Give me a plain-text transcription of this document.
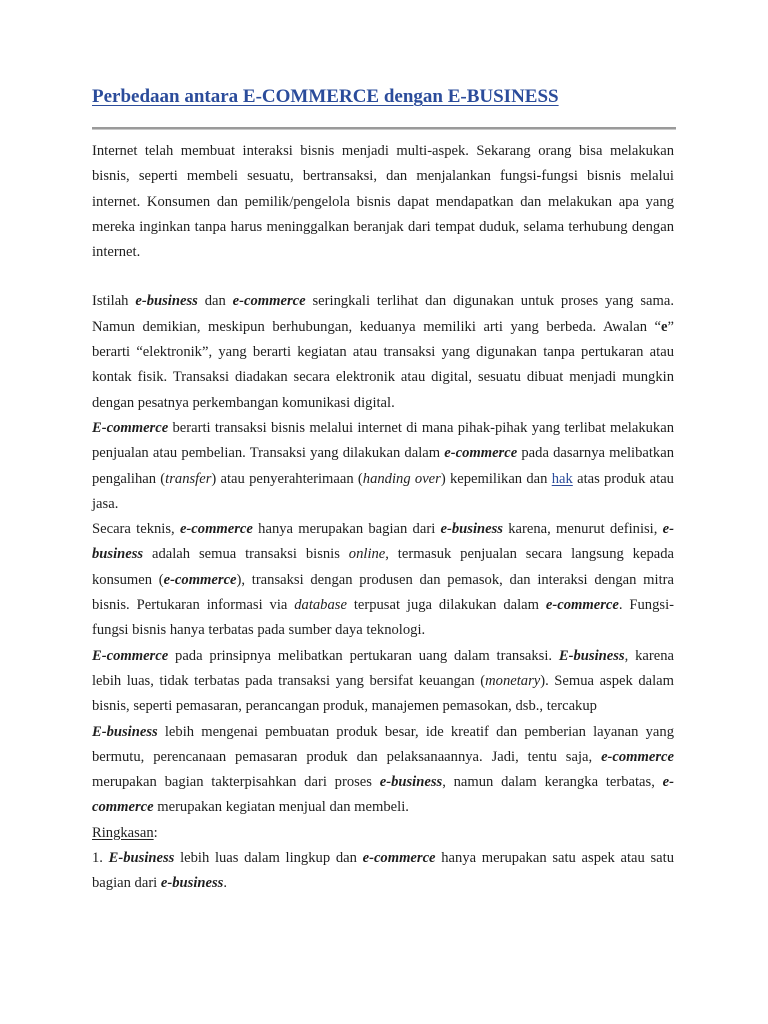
Perbedaan antara E-COMMERCE dengan E-BUSINESS

Internet telah membuat interaksi bisnis menjadi multi-aspek. Sekarang orang bisa melakukan bisnis, seperti membeli sesuatu, bertransaksi, dan menjalankan fungsi-fungsi bisnis melalui internet. Konsumen dan pemilik/pengelola bisnis dapat mendapatkan dan melakukan apa yang mereka inginkan tanpa harus meninggalkan beranjak dari tempat duduk, selama terhubung dengan internet.

Istilah e-business dan e-commerce seringkali terlihat dan digunakan untuk proses yang sama. Namun demikian, meskipun berhubungan, keduanya memiliki arti yang berbeda. Awalan “e” berarti “elektronik”, yang berarti kegiatan atau transaksi yang digunakan tanpa pertukaran atau kontak fisik. Transaksi diadakan secara elektronik atau digital, sesuatu dibuat menjadi mungkin dengan pesatnya perkembangan komunikasi digital.

E-commerce berarti transaksi bisnis melalui internet di mana pihak-pihak yang terlibat melakukan penjualan atau pembelian. Transaksi yang dilakukan dalam e-commerce pada dasarnya melibatkan pengalihan (transfer) atau penyerahterimaan (handing over) kepemilikan dan hak atas produk atau jasa.

Secara teknis, e-commerce hanya merupakan bagian dari e-business karena, menurut definisi, e-business adalah semua transaksi bisnis online, termasuk penjualan secara langsung kepada konsumen (e-commerce), transaksi dengan produsen dan pemasok, dan interaksi dengan mitra bisnis. Pertukaran informasi via database terpusat juga dilakukan dalam e-commerce. Fungsi-fungsi bisnis hanya terbatas pada sumber daya teknologi.

E-commerce pada prinsipnya melibatkan pertukaran uang dalam transaksi. E-business, karena lebih luas, tidak terbatas pada transaksi yang bersifat keuangan (monetary). Semua aspek dalam bisnis, seperti pemasaran, perancangan produk, manajemen pemasokan, dsb., tercakup

E-business lebih mengenai pembuatan produk besar, ide kreatif dan pemberian layanan yang bermutu, perencanaan pemasaran produk dan pelaksanaannya. Jadi, tentu saja, e-commerce merupakan bagian takterpisahkan dari proses e-business, namun dalam kerangka terbatas, e-commerce merupakan kegiatan menjual dan membeli.

Ringkasan:

1. E-business lebih luas dalam lingkup dan e-commerce hanya merupakan satu aspek atau satu bagian dari e-business.
